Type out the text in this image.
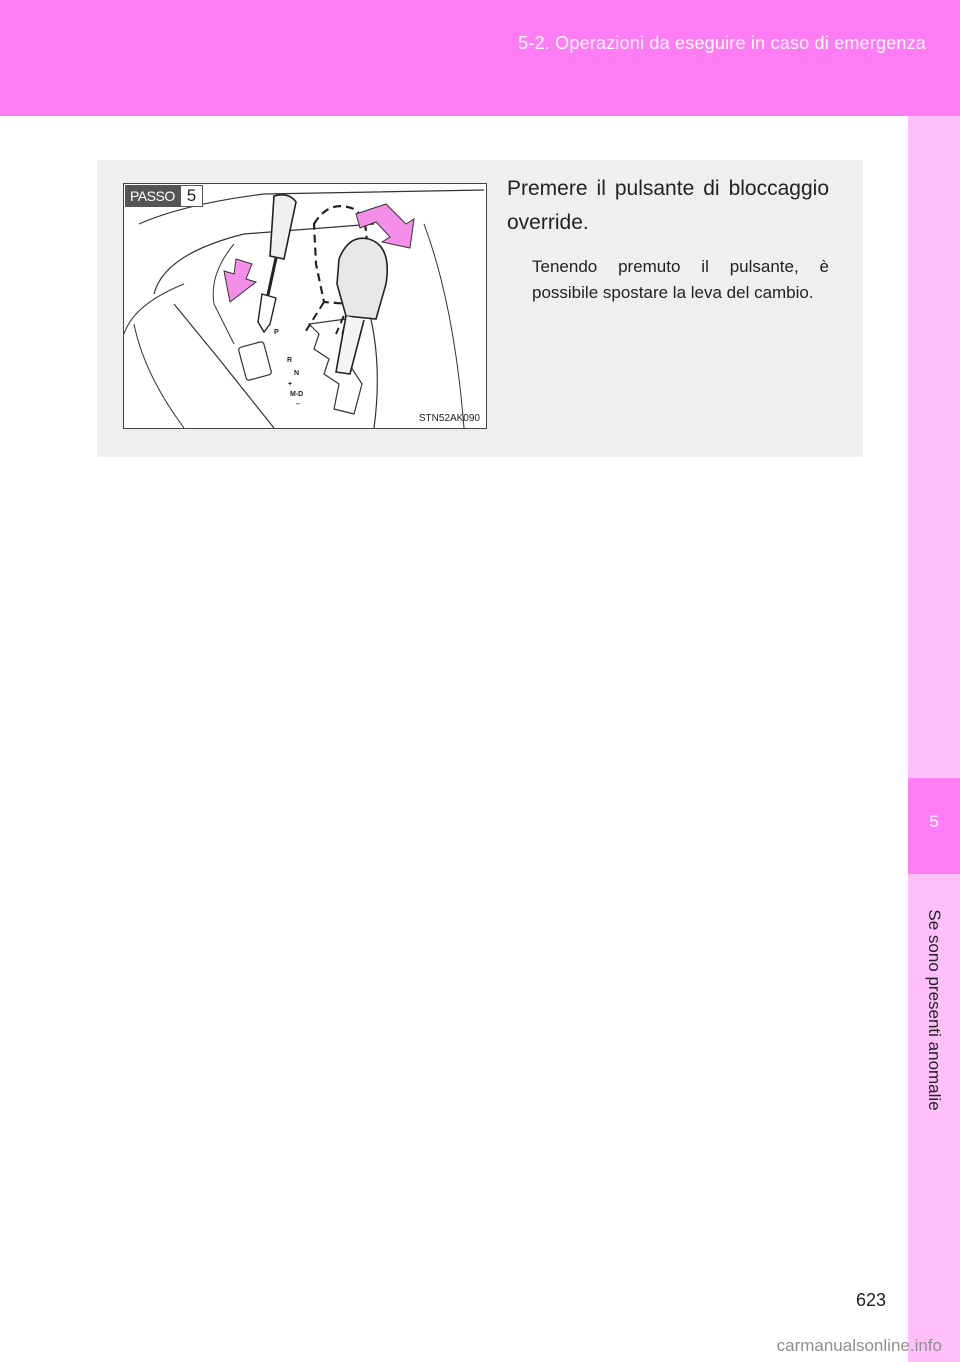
5-2. Operazioni da eseguire in caso di emergenza
5
Se sono presenti anomalie
PASSO 5
P
R
N
+
M-D
–
STN52AK090
Premere il pulsante di bloccaggio override.
Tenendo premuto il pulsante, è possibile spostare la leva del cambio.
623
carmanualsonline.info
